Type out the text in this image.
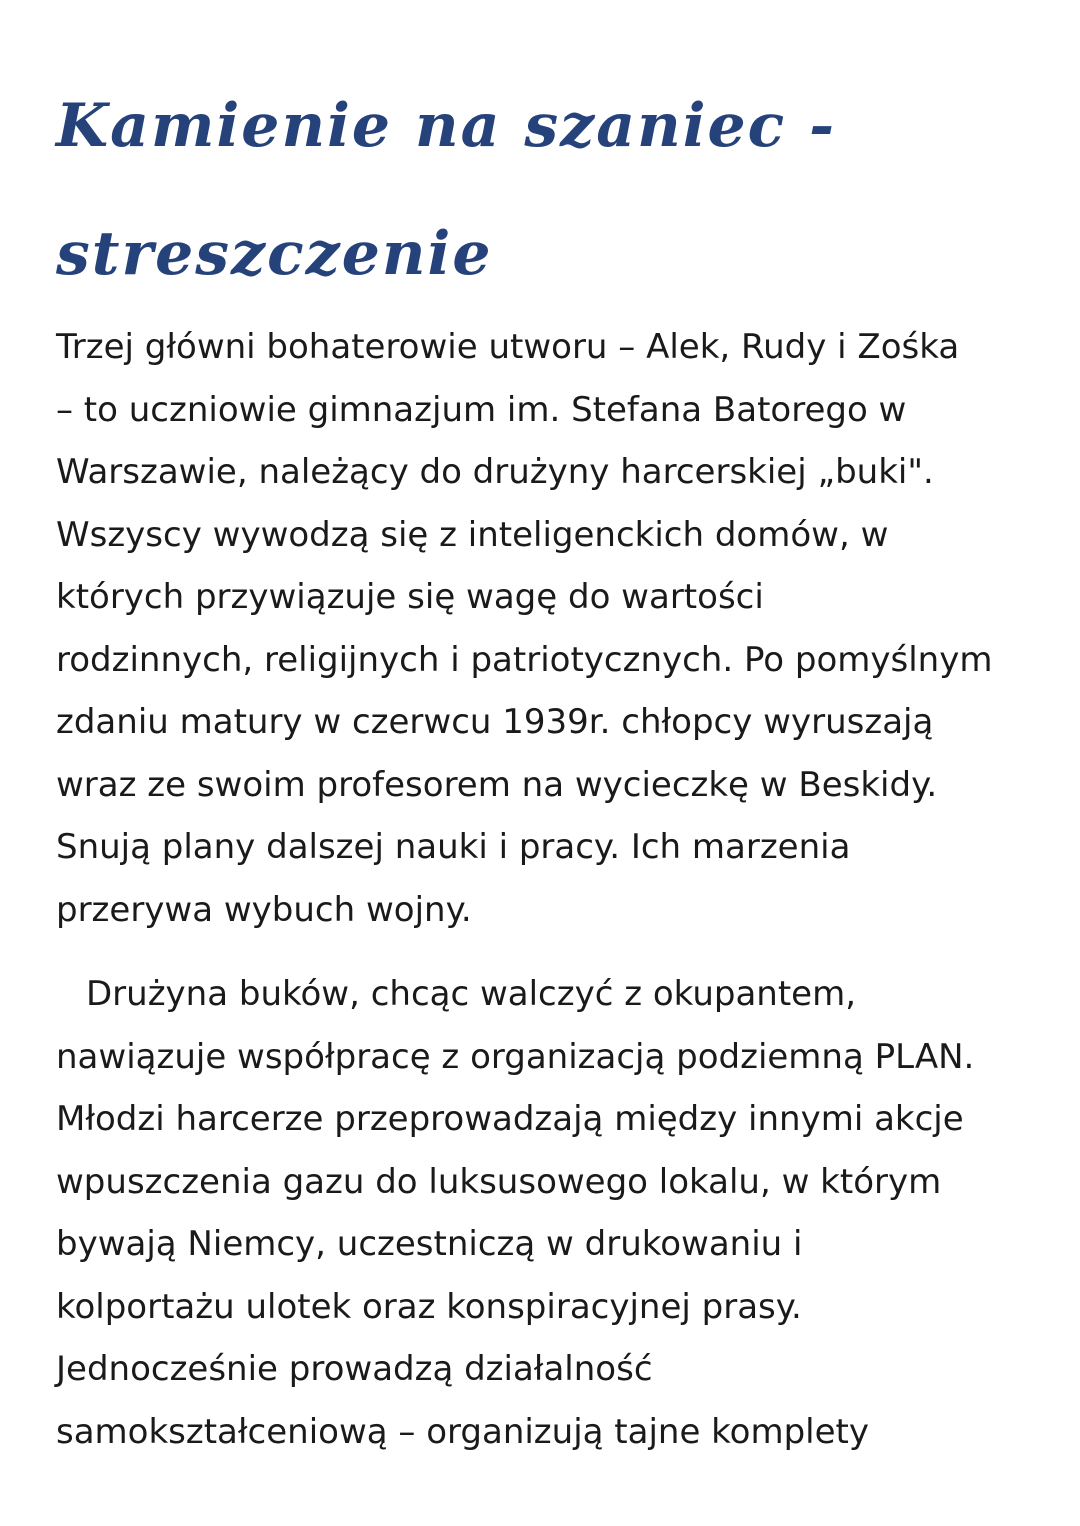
Kamienie na szaniec -
streszczenie
Trzej główni bohaterowie utworu – Alek, Rudy i Zośka
– to uczniowie gimnazjum im. Stefana Batorego w
Warszawie, należący do drużyny harcerskiej „buki".
Wszyscy wywodzą się z inteligenckich domów, w
których przywiązuje się wagę do wartości
rodzinnych, religijnych i patriotycznych. Po pomyślnym
zdaniu matury w czerwcu 1939r. chłopcy wyruszają
wraz ze swoim profesorem na wycieczkę w Beskidy.
Snują plany dalszej nauki i pracy. Ich marzenia
przerywa wybuch wojny.
Drużyna buków, chcąc walczyć z okupantem,
nawiązuje współpracę z organizacją podziemną PLAN.
Młodzi harcerze przeprowadzają między innymi akcje
wpuszczenia gazu do luksusowego lokalu, w którym
bywają Niemcy, uczestniczą w drukowaniu i
kolportażu ulotek oraz konspiracyjnej prasy.
Jednocześnie prowadzą działalność
samokształceniową – organizują tajne komplety
